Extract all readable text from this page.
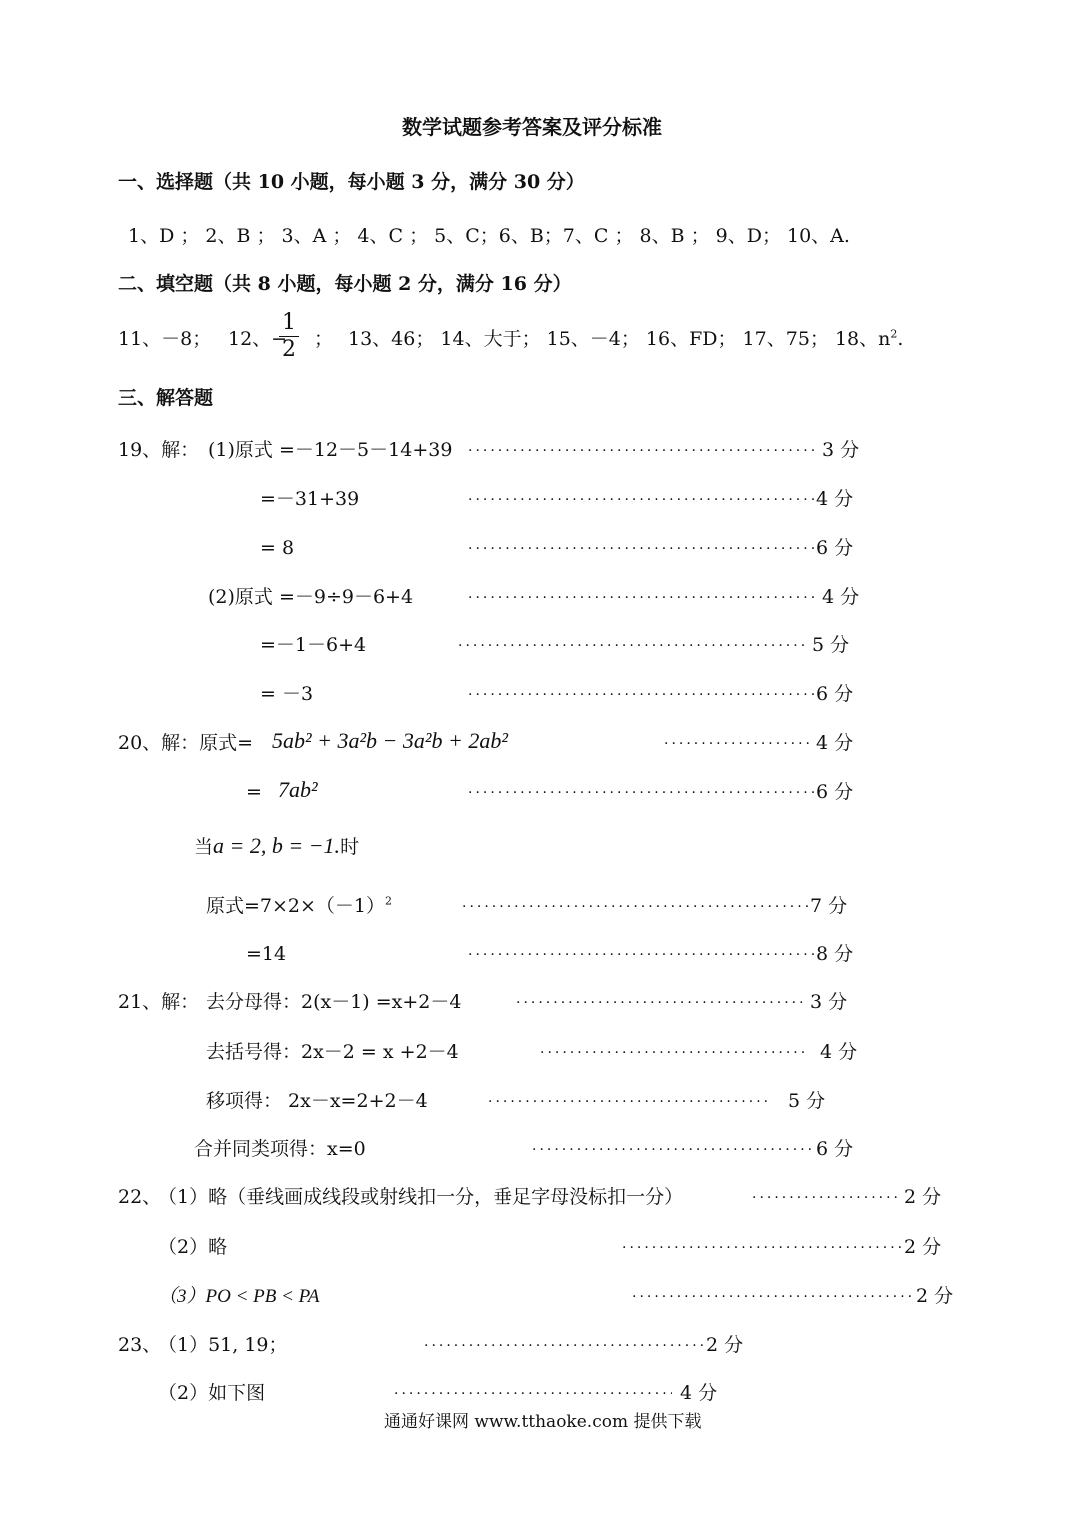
数学试题参考答案及评分标准
一、选择题（共 10 小题，每小题 3 分，满分 30 分）
1、D ； 2、B ； 3、A ； 4、C ； 5、C；6、B；7、C ； 8、B ； 9、D； 10、A.
二、填空题（共 8 小题，每小题 2 分，满分 16 分）
11、－8； 12、−
$\frac{1}{2}$ ； 13、46； 14、大于； 15、－4； 16、FD； 17、75； 18、$n^2$.
三、解答题
19、解： (1)原式 =－12－5－14+39 ·····	3 分
=－31+39 ·····	4 分
= 8 ·····	6 分
(2)原式 =－9÷9－6+4 ·····	4 分
=－1－6+4 ·····	5 分
= －3 ·····	6 分
20、解：原式= 5ab² + 3a²b − 3a²b + 2ab² ·····	4 分
= 7ab² ·····	6 分
当a = 2, b = −1.时
原式$=7\times 2\times(-1)^2$ ·····	7 分
=14 ·····	8 分
21、解： 去分母得：2(x－1) =x+2－4 ·····	3 分
去括号得：2x－2 = x +2－4 ·····	4 分
移项得： 2x－x=2+2－4 ·····	5 分
合并同类项得：x=0 ·····	6 分
22、
（1）略（垂线画成线段或射线扣一分，垂足字母没标扣一分） ·····	2 分
（2）略 ·····	2 分
（3）PO < PB < PA ·····	2 分
23、
（1）51, 19； ·····	2 分
（2）如下图 ·····	4 分
通通好课网 www.tthaoke.com 提供下载
